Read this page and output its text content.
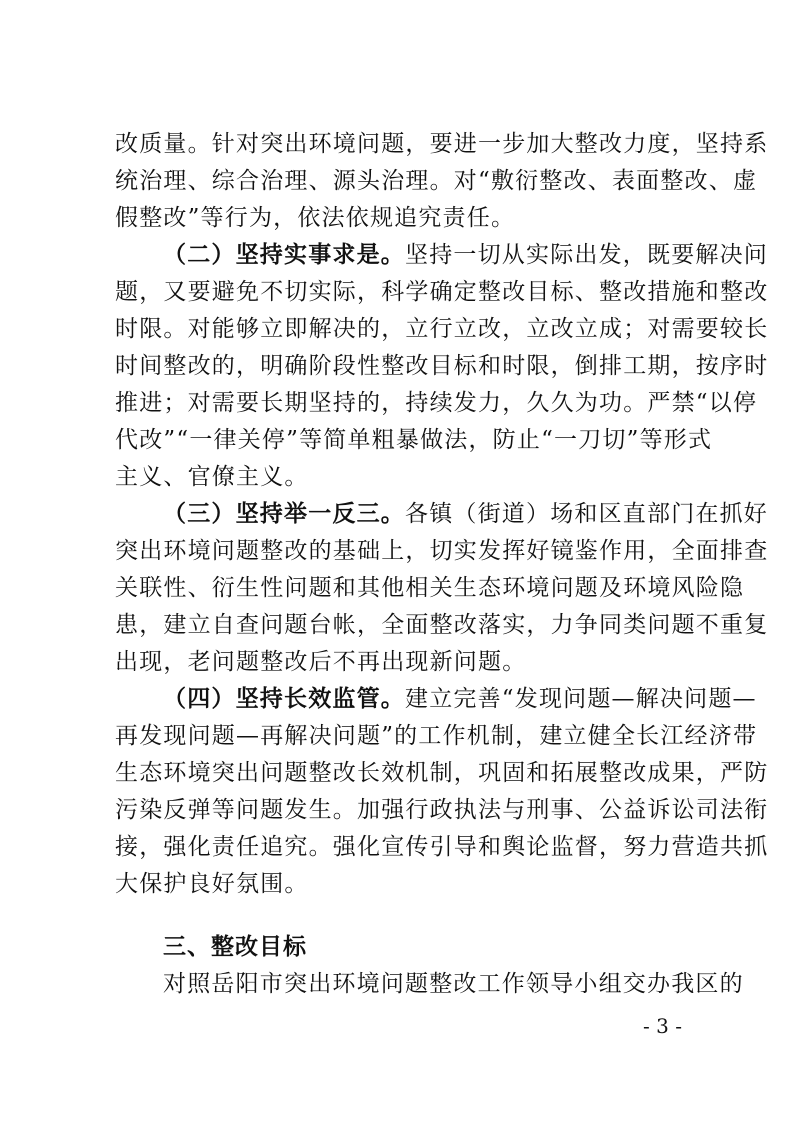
改质量。针对突出环境问题，要进一步加大整改力度，坚持系
统治理、综合治理、源头治理。对“敷衍整改、表面整改、虚
假整改”等行为，依法依规追究责任。
（二）坚持实事求是。坚持一切从实际出发，既要解决问
题，又要避免不切实际，科学确定整改目标、整改措施和整改
时限。对能够立即解决的，立行立改，立改立成；对需要较长
时间整改的，明确阶段性整改目标和时限，倒排工期，按序时
推进；对需要长期坚持的，持续发力，久久为功。严禁“以停
代改”“一律关停”等简单粗暴做法，防止“一刀切”等形式
主义、官僚主义。
（三）坚持举一反三。各镇（街道）场和区直部门在抓好
突出环境问题整改的基础上，切实发挥好镜鉴作用，全面排查
关联性、衍生性问题和其他相关生态环境问题及环境风险隐
患，建立自查问题台帐，全面整改落实，力争同类问题不重复
出现，老问题整改后不再出现新问题。
（四）坚持长效监管。建立完善“发现问题—解决问题—
再发现问题—再解决问题”的工作机制，建立健全长江经济带
生态环境突出问题整改长效机制，巩固和拓展整改成果，严防
污染反弹等问题发生。加强行政执法与刑事、公益诉讼司法衔
接，强化责任追究。强化宣传引导和舆论监督，努力营造共抓
大保护良好氛围。
三、整改目标
对照岳阳市突出环境问题整改工作领导小组交办我区的
- 3 -
